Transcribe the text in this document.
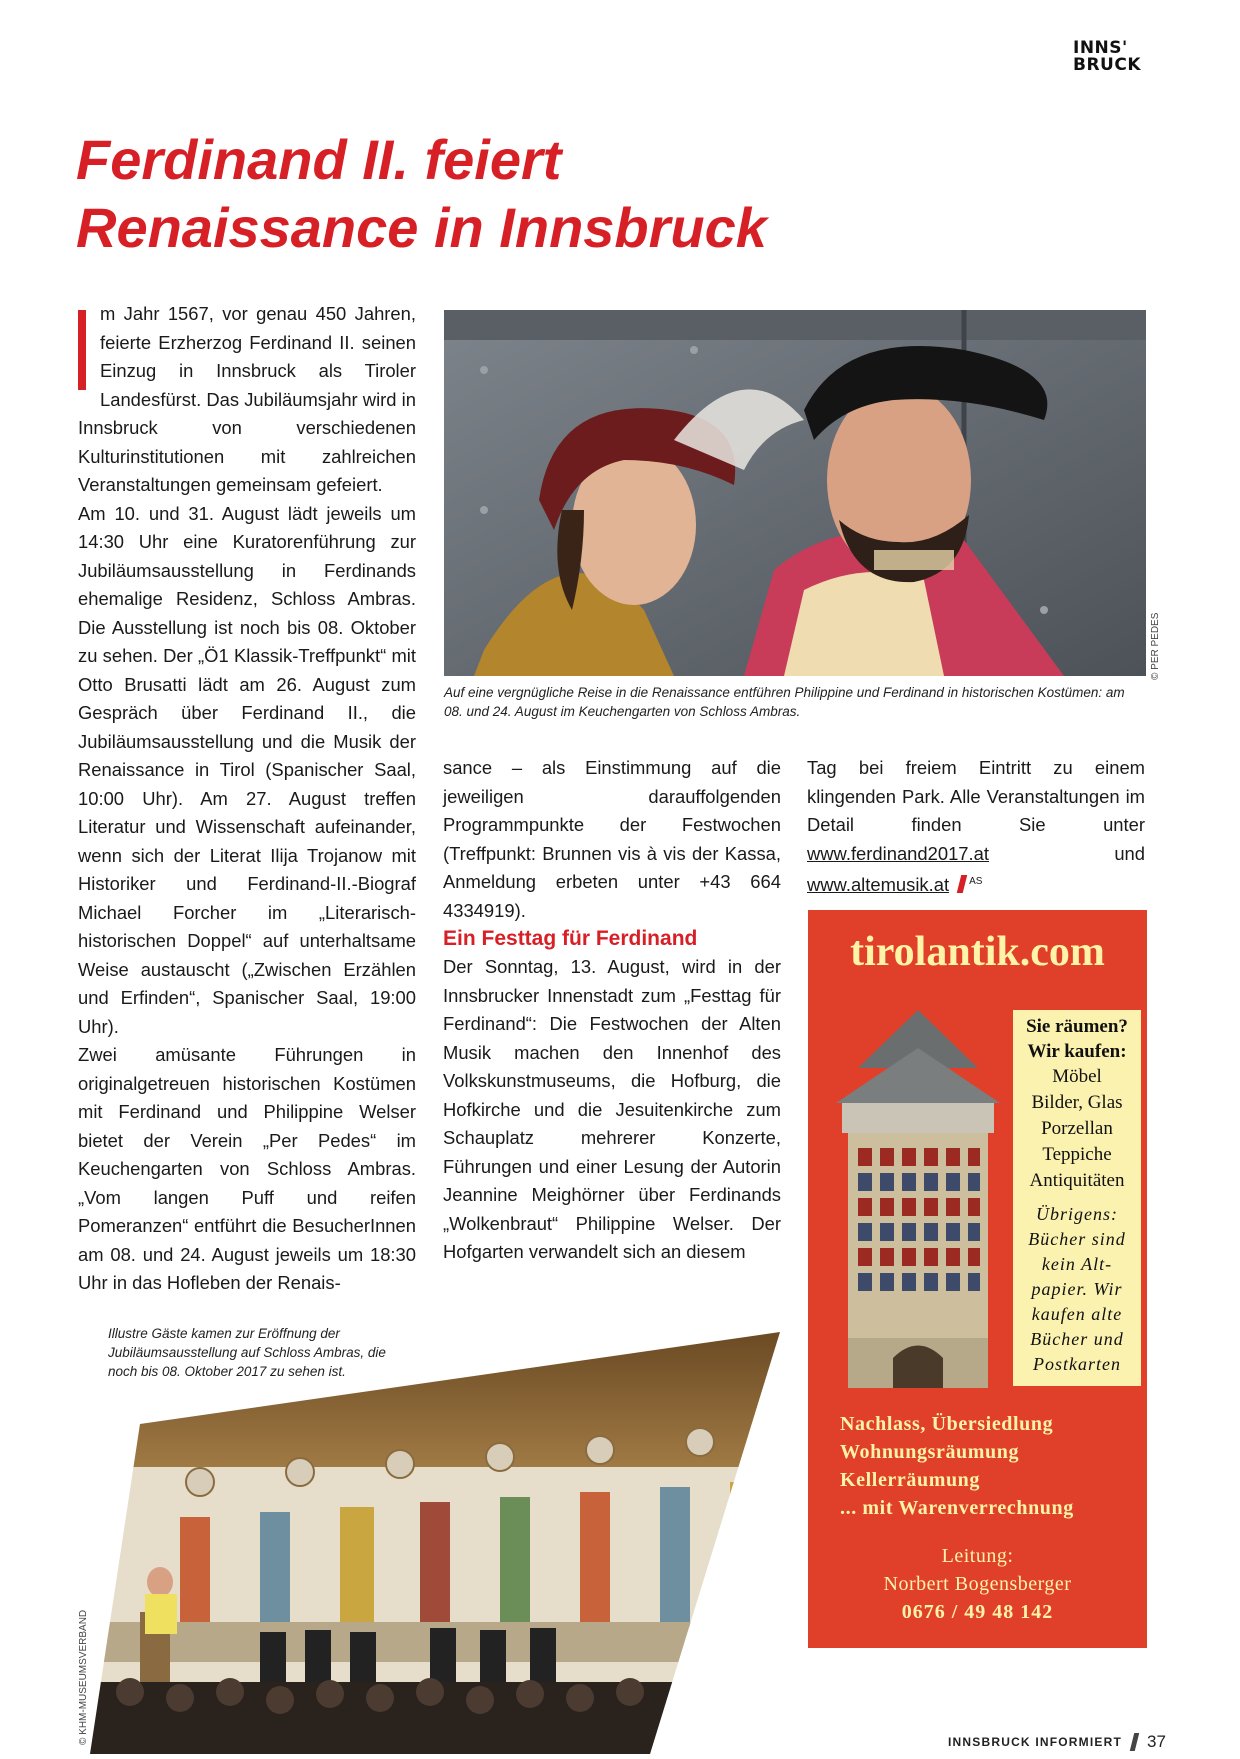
INNS'
BRUCK
Ferdinand II. feiert
Renaissance in Innsbruck

m Jahr 1567, vor genau 450 Jahren, feierte Erzherzog Ferdinand II. seinen Einzug in Innsbruck als Tiroler Landesfürst. Das Jubiläumsjahr wird in Innsbruck von verschiedenen Kulturinstitutionen mit zahlreichen Veranstaltungen gemeinsam gefeiert.

Am 10. und 31. August lädt jeweils um 14:30 Uhr eine Kuratorenführung zur Jubiläumsausstellung in Ferdinands ehemalige Residenz, Schloss Ambras. Die Ausstellung ist noch bis 08. Oktober zu sehen. Der „Ö1 Klassik-Treffpunkt“ mit Otto Brusatti lädt am 26. August zum Gespräch über Ferdinand II., die Jubiläumsausstellung und die Musik der Renaissance in Tirol (Spanischer Saal, 10:00 Uhr). Am 27. August treffen Literatur und Wissenschaft aufeinander, wenn sich der Literat Ilija Trojanow mit Historiker und Ferdinand-II.-Biograf Michael Forcher im „Literarisch-historischen Doppel“ auf unterhaltsame Weise austauscht („Zwischen Erzählen und Erfinden“, Spanischer Saal, 19:00 Uhr).

Zwei amüsante Führungen in originalgetreuen historischen Kostümen mit Ferdinand und Philippine Welser bietet der Verein „Per Pedes“ im Keuchengarten von Schloss Ambras. „Vom langen Puff und reifen Pomeranzen“ entführt die BesucherInnen am 08. und 24. August jeweils um 18:30 Uhr in das Hofleben der Renais-

Auf eine vergnügliche Reise in die Renaissance entführen Philippine und Ferdinand in historischen Kostümen: am 08. und 24. August im Keuchengarten von Schloss Ambras.
© PER PEDES

sance – als Einstimmung auf die jeweiligen darauffolgenden Programmpunkte der Festwochen (Treffpunkt: Brunnen vis à vis der Kassa, Anmeldung erbeten unter +43 664 4334919).

Ein Festtag für Ferdinand

Der Sonntag, 13. August, wird in der Innsbrucker Innenstadt zum „Festtag für Ferdinand“: Die Festwochen der Alten Musik machen den Innenhof des Volkskunstmuseums, die Hofburg, die Hofkirche und die Jesuitenkirche zum Schauplatz mehrerer Konzerte, Führungen und einer Lesung der Autorin Jeannine Meighörner über Ferdinands „Wolkenbraut“ Philippine Welser. Der Hofgarten verwandelt sich an diesem

Tag bei freiem Eintritt zu einem klingenden Park. Alle Veranstaltungen im Detail finden Sie unter www.ferdinand2017.at und www.altemusik.at $^{AS}$

Illustre Gäste kamen zur Eröffnung der Jubiläumsausstellung auf Schloss Ambras, die noch bis 08. Oktober 2017 zu sehen ist.
© KHM-MUSEUMSVERBAND
tirolantik.com
Sie räumen?
Wir kaufen:
Möbel
Bilder, Glas
Porzellan
Teppiche
Antiquitäten
Übrigens:
Bücher sind
kein Alt-
papier. Wir
kaufen alte
Bücher und
Postkarten
Nachlass, Übersiedlung
Wohnungsräumung
Kellerräumung
... mit Warenverrechnung
Leitung:
Norbert Bogensberger
0676 / 49 48 142
INNSBRUCK INFORMIERT 37
